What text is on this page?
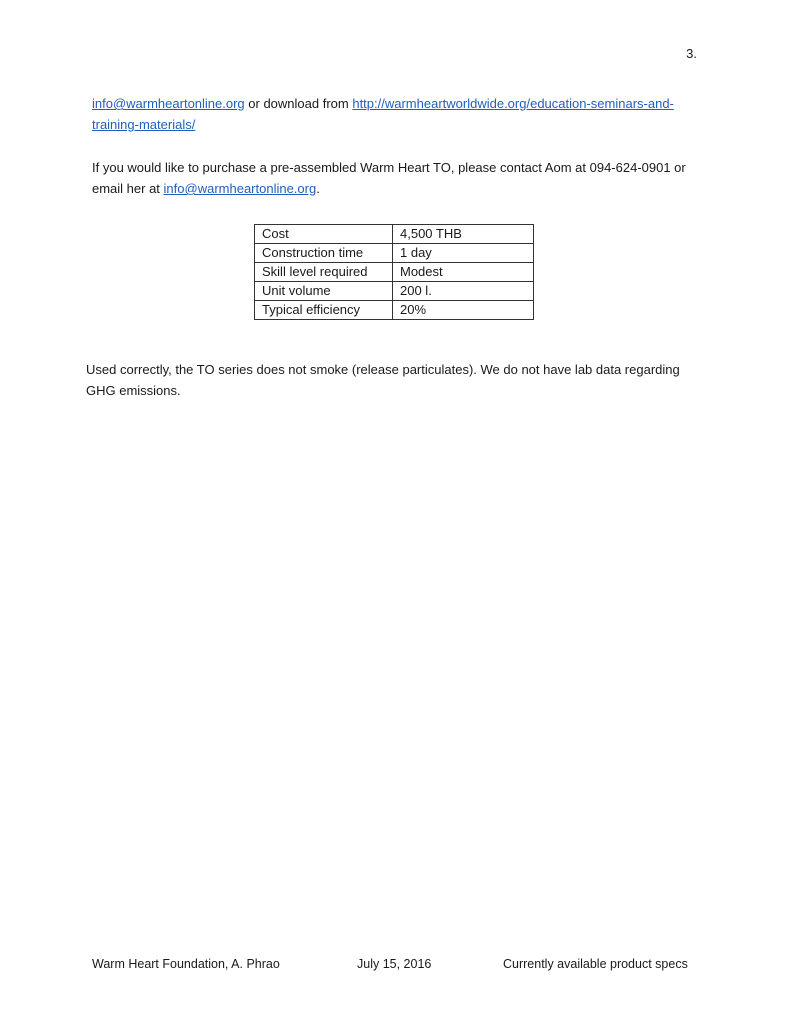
3.
info@warmheartonline.org or download from http://warmheartworldwide.org/education-seminars-and-training-materials/
If you would like to purchase a pre-assembled Warm Heart TO, please contact Aom at 094-624-0901 or email her at info@warmheartonline.org.
Cost	4,500 THB
Construction time	1 day
Skill level required	Modest
Unit volume	200 l.
Typical efficiency	20%
Used correctly, the TO series does not smoke (release particulates). We do not have lab data regarding GHG emissions.
Warm Heart Foundation, A. Phrao	July 15, 2016	Currently available product specs
